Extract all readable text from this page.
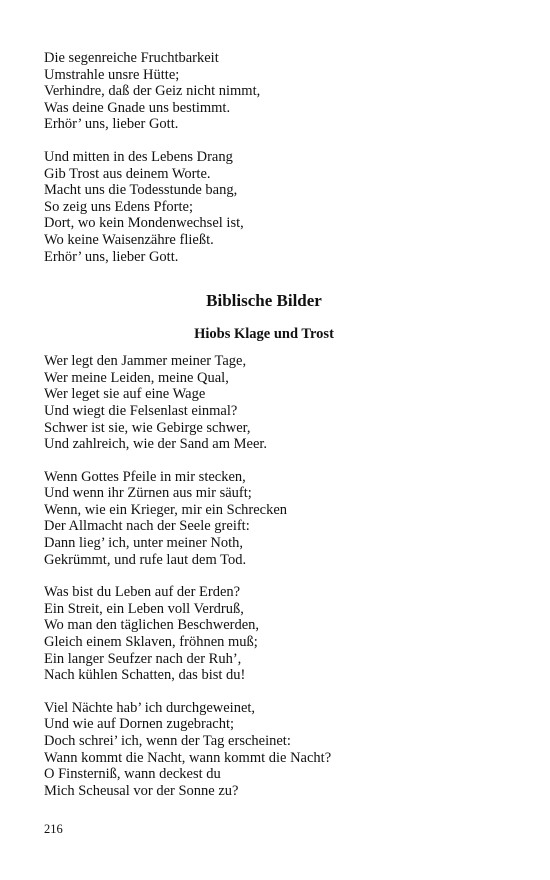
Die segenreiche Fruchtbarkeit
Umstrahle unsre Hütte;
Verhindre, daß der Geiz nicht nimmt,
Was deine Gnade uns bestimmt.
Erhör’ uns, lieber Gott.
Und mitten in des Lebens Drang
Gib Trost aus deinem Worte.
Macht uns die Todesstunde bang,
So zeig uns Edens Pforte;
Dort, wo kein Mondenwechsel ist,
Wo keine Waisenzähre fließt.
Erhör’ uns, lieber Gott.
Biblische Bilder
Hiobs Klage und Trost
Wer legt den Jammer meiner Tage,
Wer meine Leiden, meine Qual,
Wer leget sie auf eine Wage
Und wiegt die Felsenlast einmal?
Schwer ist sie, wie Gebirge schwer,
Und zahlreich, wie der Sand am Meer.
Wenn Gottes Pfeile in mir stecken,
Und wenn ihr Zürnen aus mir säuft;
Wenn, wie ein Krieger, mir ein Schrecken
Der Allmacht nach der Seele greift:
Dann lieg’ ich, unter meiner Noth,
Gekrümmt, und rufe laut dem Tod.
Was bist du Leben auf der Erden?
Ein Streit, ein Leben voll Verdruß,
Wo man den täglichen Beschwerden,
Gleich einem Sklaven, fröhnen muß;
Ein langer Seufzer nach der Ruh’,
Nach kühlen Schatten, das bist du!
Viel Nächte hab’ ich durchgeweinet,
Und wie auf Dornen zugebracht;
Doch schrei’ ich, wenn der Tag erscheinet:
Wann kommt die Nacht, wann kommt die Nacht?
O Finsterniß, wann deckest du
Mich Scheusal vor der Sonne zu?
216
